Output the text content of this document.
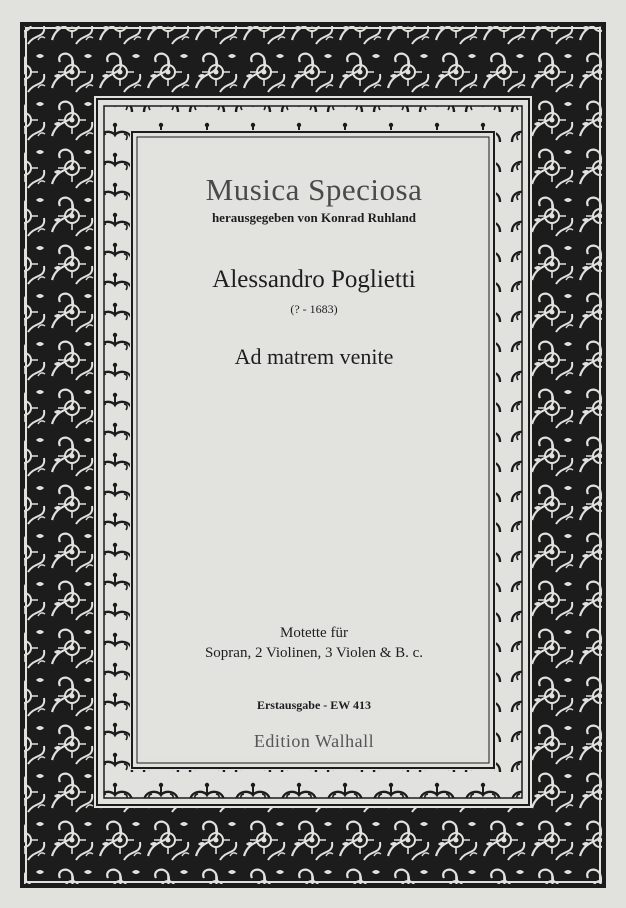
Musica Speciosa
herausgegeben von Konrad Ruhland
Alessandro Poglietti
(? - 1683)
Ad matrem venite
Motette für
Sopran, 2 Violinen, 3 Violen & B. c.
Erstausgabe - EW 413
Edition Walhall
